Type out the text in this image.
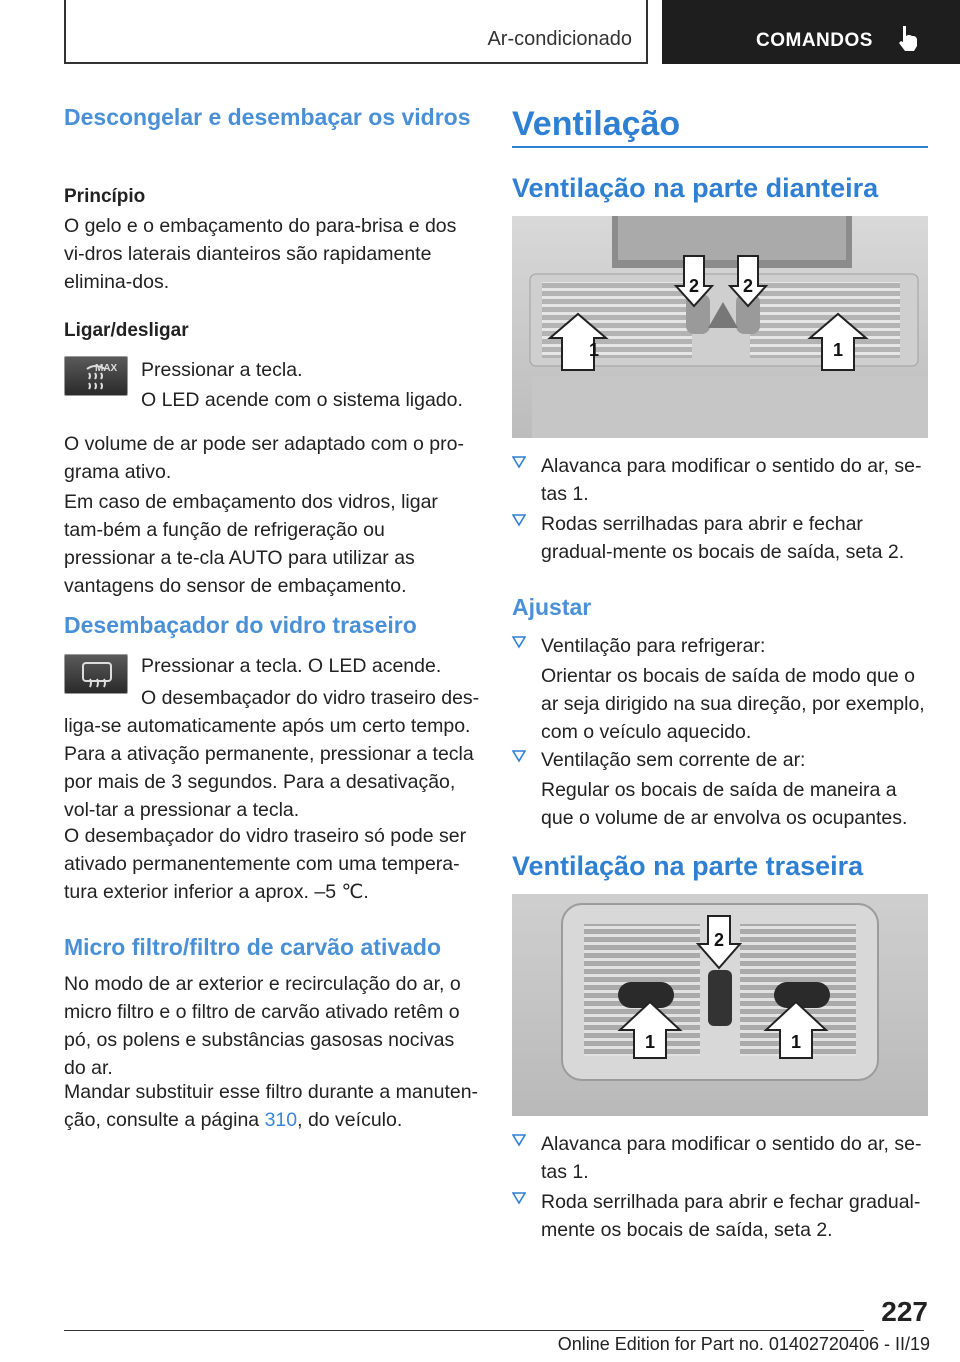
Ar-condicionado	COMANDOS
Descongelar e desembaçar os vidros
Princípio
O gelo e o embaçamento do para-brisa e dos vi-dros laterais dianteiros são rapidamente elimina-dos.
Ligar/desligar
MAX Pressionar a tecla.
O LED acende com o sistema ligado.
O volume de ar pode ser adaptado com o pro-grama ativo.
Em caso de embaçamento dos vidros, ligar tam-bém a função de refrigeração ou pressionar a te-cla AUTO para utilizar as vantagens do sensor de embaçamento.
Desembaçador do vidro traseiro
Pressionar a tecla. O LED acende.
O desembaçador do vidro traseiro des-liga-se automaticamente após um certo tempo.
Para a ativação permanente, pressionar a tecla por mais de 3 segundos. Para a desativação, vol-tar a pressionar a tecla.
O desembaçador do vidro traseiro só pode ser ativado permanentemente com uma tempera-tura exterior inferior a aprox. ‒5 ℃.
Micro filtro/filtro de carvão ativado
No modo de ar exterior e recirculação do ar, o micro filtro e o filtro de carvão ativado retêm o pó, os polens e substâncias gasosas nocivas do ar.
Mandar substituir esse filtro durante a manuten-ção, consulte a página 310, do veículo.
Ventilação
Ventilação na parte dianteira
1	1
2 2
Alavanca para modificar o sentido do ar, se-tas 1.
Rodas serrilhadas para abrir e fechar gradual-mente os bocais de saída, seta 2.
Ajustar
Ventilação para refrigerar:
Orientar os bocais de saída de modo que o ar seja dirigido na sua direção, por exemplo, com o veículo aquecido.
Ventilação sem corrente de ar:
Regular os bocais de saída de maneira a que o volume de ar envolva os ocupantes.
Ventilação na parte traseira
1	1
2
Alavanca para modificar o sentido do ar, se-tas 1.
Roda serrilhada para abrir e fechar gradual-mente os bocais de saída, seta 2.
227
Online Edition for Part no. 01402720406 - II/19
